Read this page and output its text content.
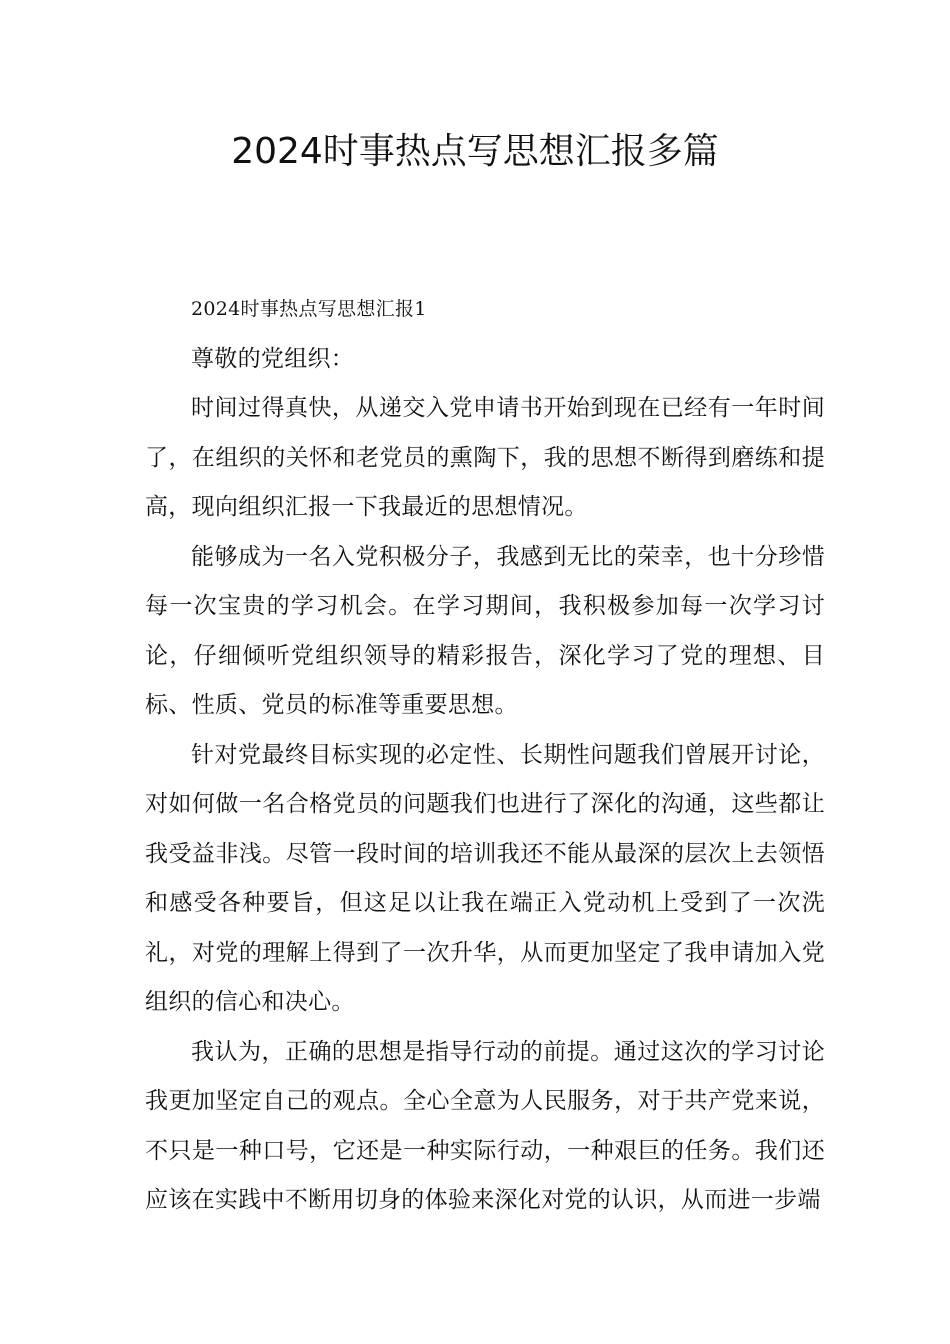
2024时事热点写思想汇报多篇

2024时事热点写思想汇报1

尊敬的党组织：

时间过得真快，从递交入党申请书开始到现在已经有一年时间了，在组织的关怀和老党员的熏陶下，我的思想不断得到磨练和提高，现向组织汇报一下我最近的思想情况。

能够成为一名入党积极分子，我感到无比的荣幸，也十分珍惜每一次宝贵的学习机会。在学习期间，我积极参加每一次学习讨论，仔细倾听党组织领导的精彩报告，深化学习了党的理想、目标、性质、党员的标准等重要思想。

针对党最终目标实现的必定性、长期性问题我们曾展开讨论，对如何做一名合格党员的问题我们也进行了深化的沟通，这些都让我受益非浅。尽管一段时间的培训我还不能从最深的层次上去领悟和感受各种要旨，但这足以让我在端正入党动机上受到了一次洗礼，对党的理解上得到了一次升华，从而更加坚定了我申请加入党组织的信心和决心。

我认为，正确的思想是指导行动的前提。通过这次的学习讨论我更加坚定自己的观点。全心全意为人民服务，对于共产党来说，不只是一种口号，它还是一种实际行动，一种艰巨的任务。我们还应该在实践中不断用切身的体验来深化对党的认识，从而进一步端
